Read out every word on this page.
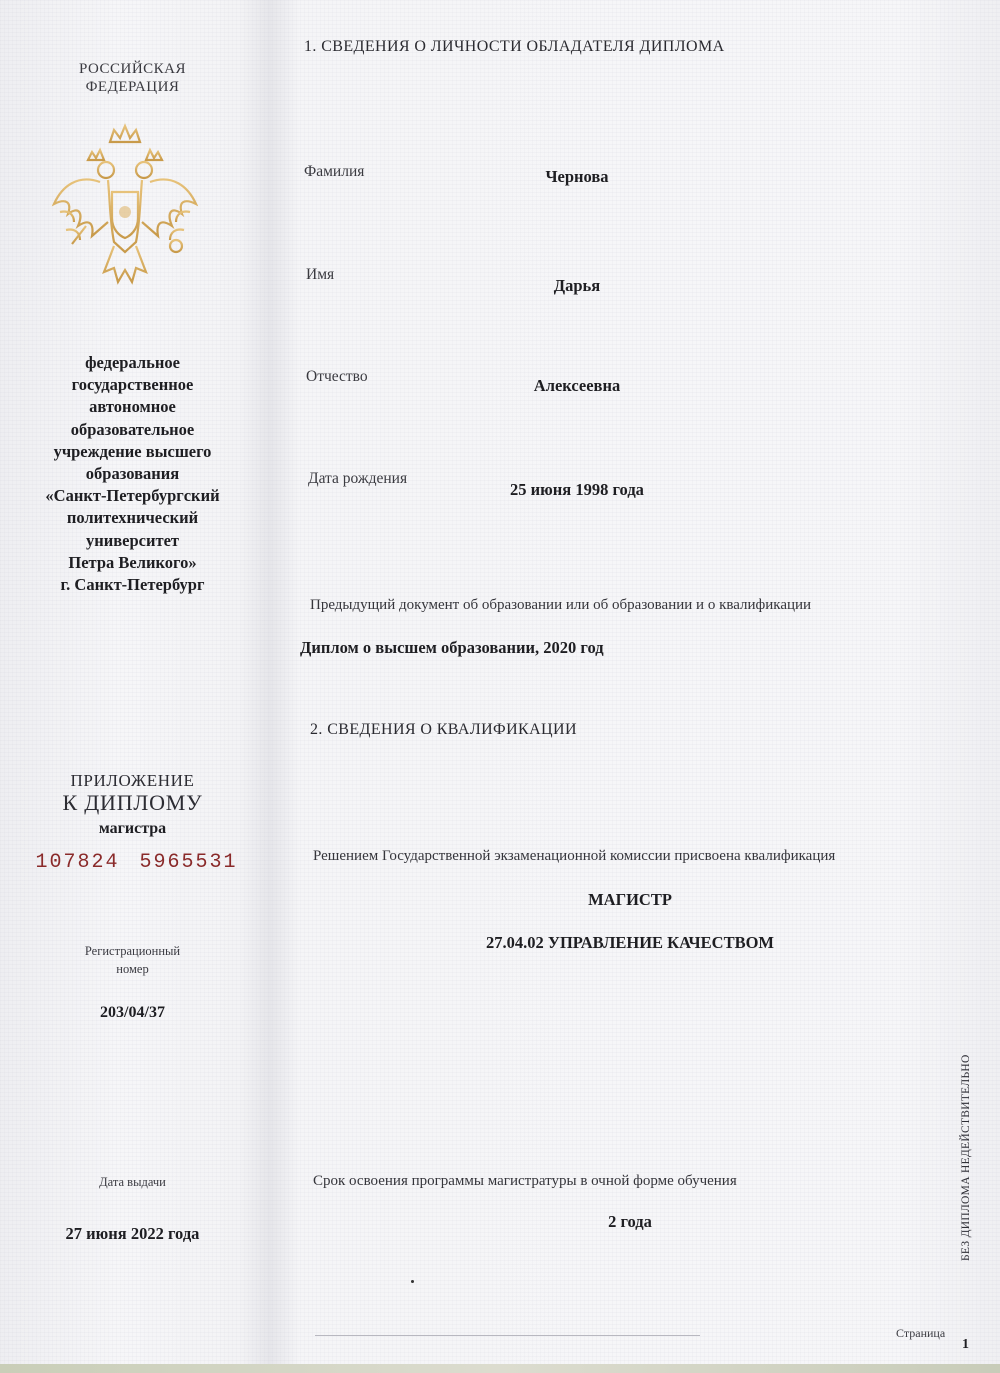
РОССИЙСКАЯ
ФЕДЕРАЦИЯ
федеральное
государственное
автономное
образовательное
учреждение высшего
образования
«Санкт-Петербургский
политехнический
университет
Петра Великого»
г. Санкт-Петербург
ПРИЛОЖЕНИЕ
К ДИПЛОМУ
магистра
107824 5965531
Регистрационный
номер
203/04/37
Дата выдачи
27 июня 2022 года
1. СВЕДЕНИЯ О ЛИЧНОСТИ ОБЛАДАТЕЛЯ ДИПЛОМА
Фамилия	Чернова
Имя
Дарья
Отчество	Алексеевна
Дата рождения
25 июня 1998 года
Предыдущий документ об образовании или об образовании и о квалификации
Диплом о высшем образовании, 2020 год
2. СВЕДЕНИЯ О КВАЛИФИКАЦИИ
Решением Государственной экзаменационной комиссии присвоена квалификация
МАГИСТР
27.04.02 УПРАВЛЕНИЕ КАЧЕСТВОМ
Срок освоения программы магистратуры в очной форме обучения
2 года	БЕЗ ДИПЛОМА НЕДЕЙСТВИТЕЛЬНО
Страница
1
